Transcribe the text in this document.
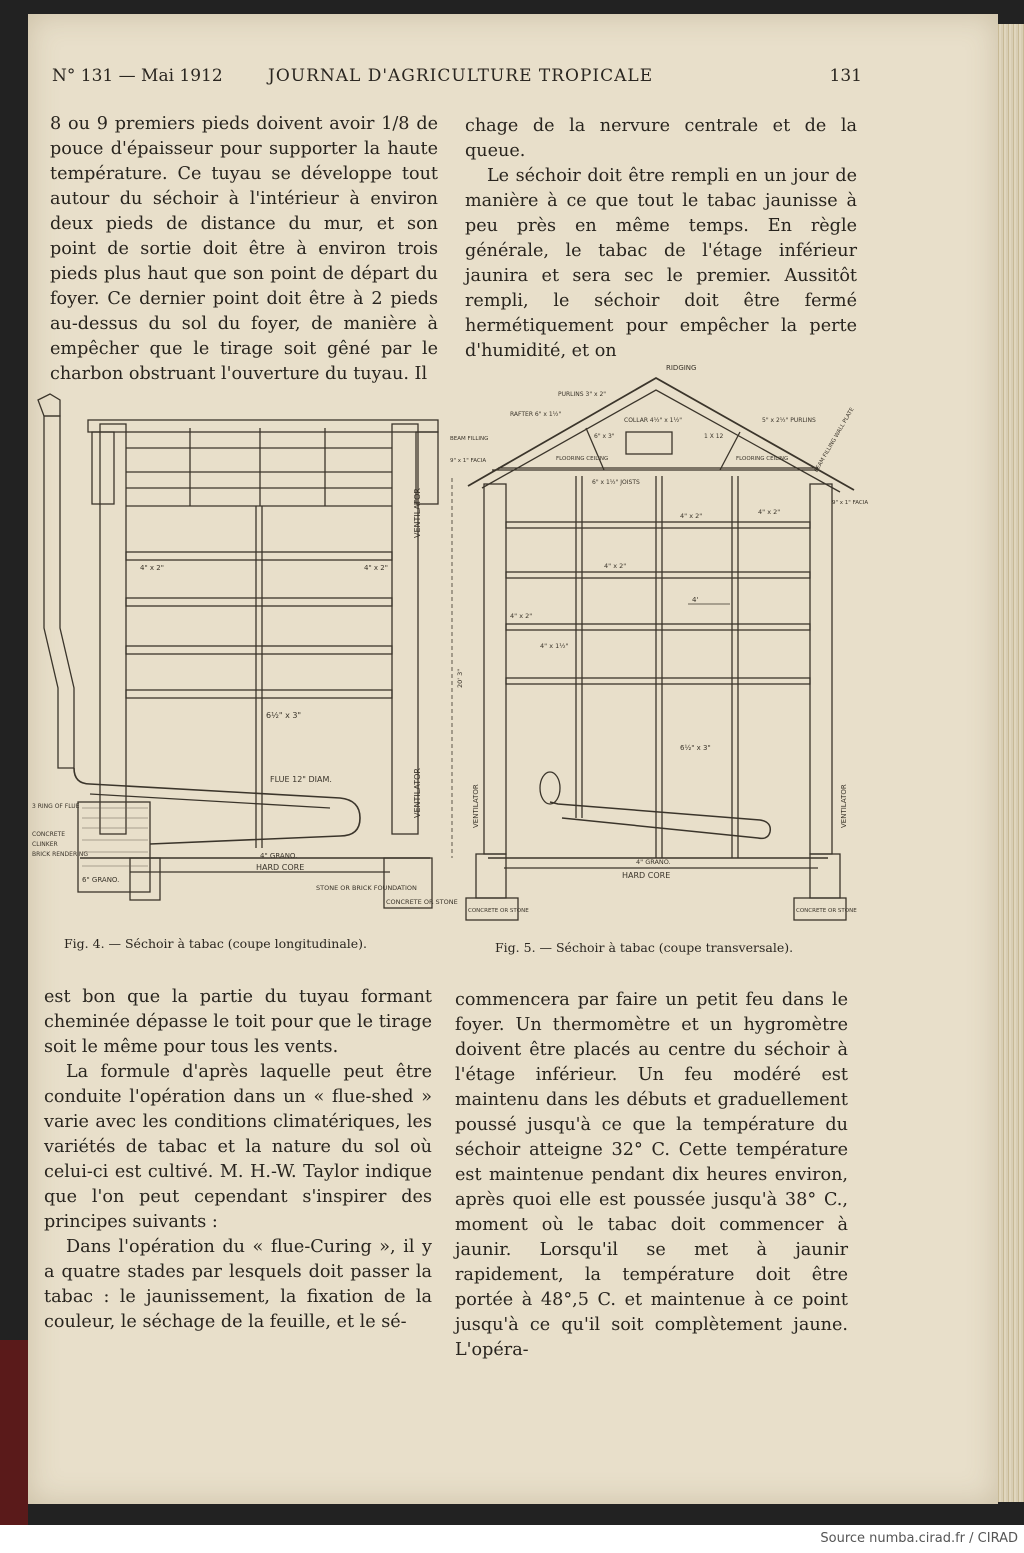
N° 131 — Mai 1912	JOURNAL D'AGRICULTURE TROPICALE	131

8 ou 9 premiers pieds doivent avoir 1/8 de pouce d'épaisseur pour supporter la haute température. Ce tuyau se développe tout autour du séchoir à l'intérieur à environ deux pieds de distance du mur, et son point de sortie doit être à environ trois pieds plus haut que son point de départ du foyer. Ce dernier point doit être à 2 pieds au-dessus du sol du foyer, de manière à empêcher que le tirage soit gêné par le charbon obstruant l'ouverture du tuyau. Il

chage de la nervure centrale et de la queue.

Le séchoir doit être rempli en un jour de manière à ce que tout le tabac jaunisse à peu près en même temps. En règle générale, le tabac de l'étage inférieur jaunira et sera sec le premier. Aussitôt rempli, le séchoir doit être fermé hermétiquement pour empêcher la perte d'humidité, et on

VENTILATOR
VENTILATOR
FLUE 12" DIAM.
6½" x 3"
4" x 2"	4" x 2"
HARD CORE
4" GRANO.
6" GRANO.
STONE OR BRICK FOUNDATION
CONCRETE OR STONE
3 RING OF FLUE
CONCRETE
CLINKER
BRICK RENDERING
Fig. 4. — Séchoir à tabac (coupe longitudinale).
RIDGING
PURLINS 3" x 2"
RAFTER 6" x 1½"
COLLAR 4½" x 1½"	5" x 2½" PURLINS
BEAM FILLING
9" x 1" FACIA	BEAM FILLING WALL PLATE
9" x 1" FACIA
FLOORING CEILING	FLOORING CEILING
6" x 1½" JOISTS
6" x 3"	1 X 12
4" x 2"	4" x 2"
4" x 2"
4" x 2"
4" x 1½"
4'
20' 3"
6½" x 3"
VENTILATOR	VENTILATOR
4" GRANO.
HARD CORE
CONCRETE OR STONE	CONCRETE OR STONE
Fig. 5. — Séchoir à tabac (coupe transversale).

est bon que la partie du tuyau formant cheminée dépasse le toit pour que le tirage soit le même pour tous les vents.

La formule d'après laquelle peut être conduite l'opération dans un « flue-shed » varie avec les conditions climatériques, les variétés de tabac et la nature du sol où celui-ci est cultivé. M. H.-W. Taylor indique que l'on peut cependant s'inspirer des principes suivants :

Dans l'opération du « flue-Curing », il y a quatre stades par lesquels doit passer la tabac : le jaunissement, la fixation de la couleur, le séchage de la feuille, et le sé-

commencera par faire un petit feu dans le foyer. Un thermomètre et un hygromètre doivent être placés au centre du séchoir à l'étage inférieur. Un feu modéré est maintenu dans les débuts et graduellement poussé jusqu'à ce que la température du séchoir atteigne 32° C. Cette température est maintenue pendant dix heures environ, après quoi elle est poussée jusqu'à 38° C., moment où le tabac doit commencer à jaunir. Lorsqu'il se met à jaunir rapidement, la température doit être portée à 48°,5 C. et maintenue à ce point jusqu'à ce qu'il soit complètement jaune. L'opéra-

Source numba.cirad.fr / CIRAD
